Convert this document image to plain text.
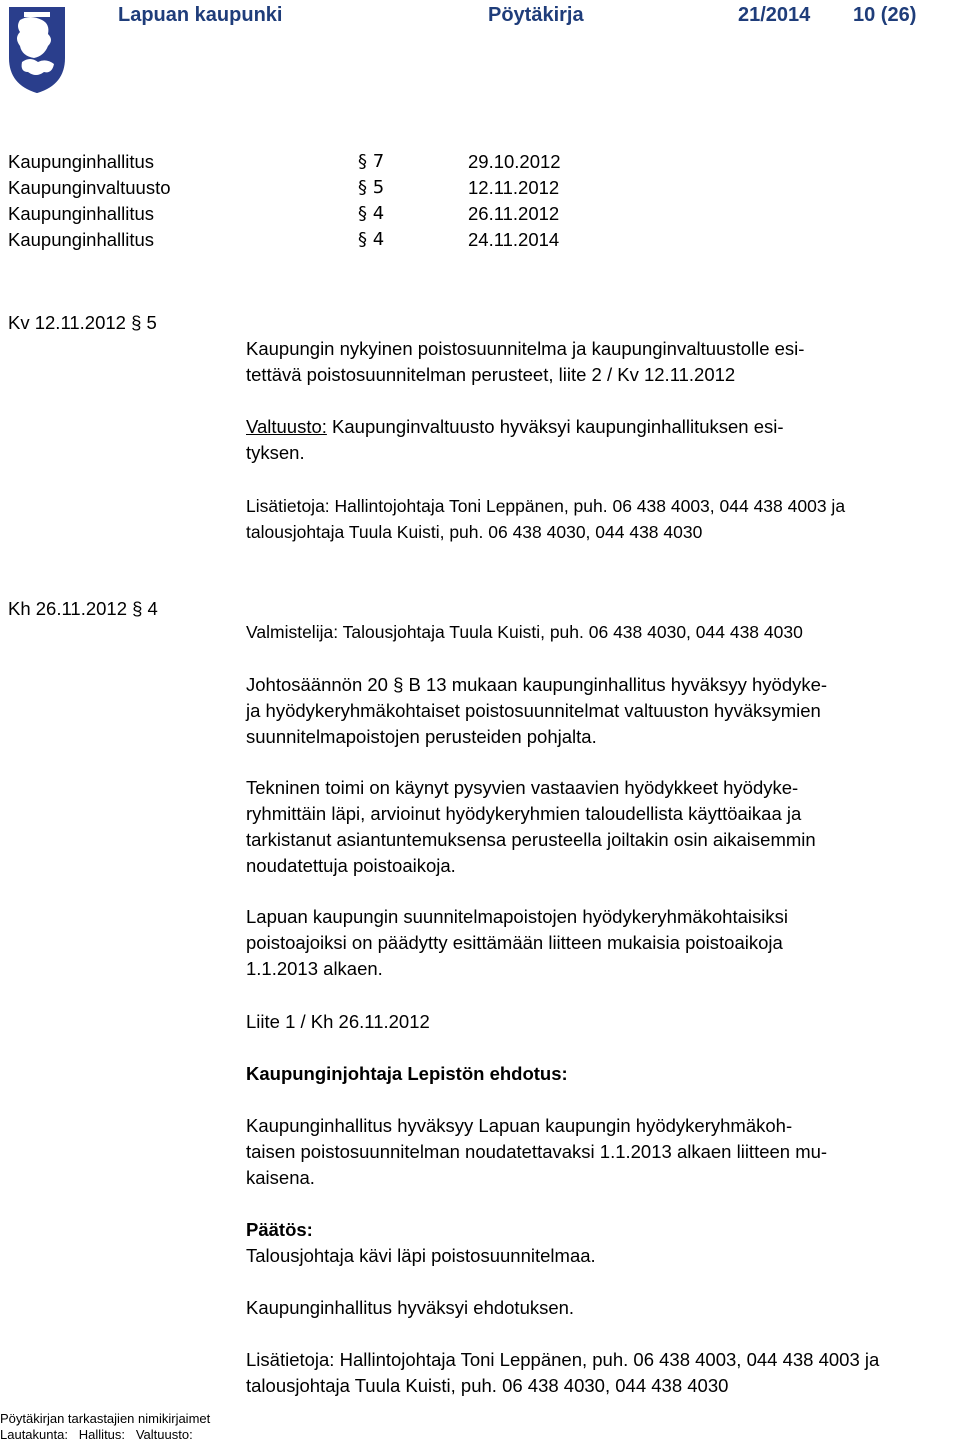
Lapuan kaupunki	Pöytäkirja	21/2014 10 (26)
Kaupunginhallitus	§ 7	29.10.2012
Kaupunginvaltuusto	§ 5	12.11.2012
Kaupunginhallitus	§ 4	26.11.2012
Kaupunginhallitus	§ 4	24.11.2014
Kv 12.11.2012 § 5
Kaupungin nykyinen poistosuunnitelma ja kaupunginvaltuustolle esi-
tettävä poistosuunnitelman perusteet, liite 2 / Kv 12.11.2012
Valtuusto: Kaupunginvaltuusto hyväksyi kaupunginhallituksen esi-
tyksen.
Lisätietoja: Hallintojohtaja Toni Leppänen, puh. 06 438 4003, 044 438 4003 ja
talousjohtaja Tuula Kuisti, puh. 06 438 4030, 044 438 4030
Kh 26.11.2012 § 4
Valmistelija: Talousjohtaja Tuula Kuisti, puh. 06 438 4030, 044 438 4030
Johtosäännön 20 § B 13 mukaan kaupunginhallitus hyväksyy hyödyke-
ja hyödykeryhmäkohtaiset poistosuunnitelmat valtuuston hyväksymien
suunnitelmapoistojen perusteiden pohjalta.
Tekninen toimi on käynyt pysyvien vastaavien hyödykkeet hyödyke-
ryhmittäin läpi, arvioinut hyödykeryhmien taloudellista käyttöaikaa ja
tarkistanut asiantuntemuksensa perusteella joiltakin osin aikaisemmin
noudatettuja poistoaikoja.
Lapuan kaupungin suunnitelmapoistojen hyödykeryhmäkohtaisiksi
poistoajoiksi on päädytty esittämään liitteen mukaisia poistoaikoja
1.1.2013 alkaen.
Liite 1 / Kh 26.11.2012
Kaupunginjohtaja Lepistön ehdotus:
Kaupunginhallitus hyväksyy Lapuan kaupungin hyödykeryhmäkoh-
taisen poistosuunnitelman noudatettavaksi 1.1.2013 alkaen liitteen mu-
kaisena.
Päätös:
Talousjohtaja kävi läpi poistosuunnitelmaa.
Kaupunginhallitus hyväksyi ehdotuksen.
Lisätietoja: Hallintojohtaja Toni Leppänen, puh. 06 438 4003, 044 438 4003 ja
talousjohtaja Tuula Kuisti, puh. 06 438 4030, 044 438 4030
Pöytäkirjan tarkastajien nimikirjaimet
Lautakunta:   Hallitus:   Valtuusto:
